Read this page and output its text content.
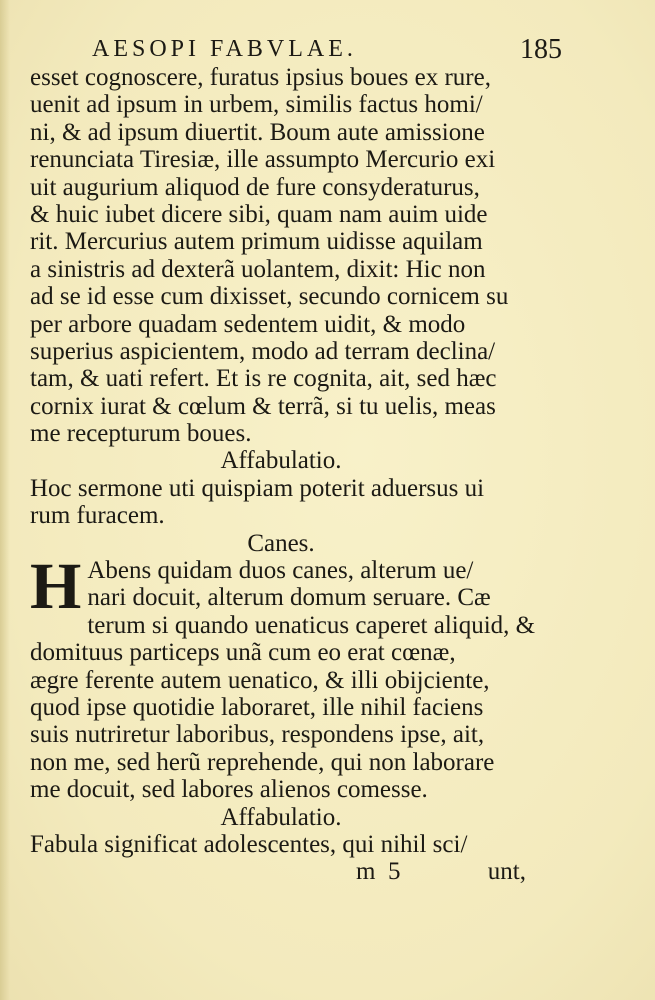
AESOPI FABVLAE.	185
esset cognoscere, furatus ipsius boues ex rure,
uenit ad ipsum in urbem, similis factus homi/
ni, & ad ipsum diuertit. Boum aute amissione
renunciata Tiresiæ, ille assumpto Mercurio exi
uit augurium aliquod de fure consyderaturus,
& huic iubet dicere sibi, quam nam auim uide
rit. Mercurius autem primum uidisse aquilam
a sinistris ad dexterã uolantem, dixit: Hic non
ad se id esse cum dixisset, secundo cornicem su
per arbore quadam sedentem uidit, & modo
superius aspicientem, modo ad terram declina/
tam, & uati refert. Et is re cognita, ait, sed hæc
cornix iurat & cœlum & terrã, si tu uelis, meas
me recepturum boues.
Affabulatio.
Hoc sermone uti quispiam poterit aduersus ui
rum furacem.
Canes.
H Abens quidam duos canes, alterum ue/
nari docuit, alterum domum seruare. Cæ
terum si quando uenaticus caperet aliquid, &
domituus particeps unã cum eo erat cœnæ,
ægre ferente autem uenatico, & illi obijciente,
quod ipse quotidie laboraret, ille nihil faciens
suis nutriretur laboribus, respondens ipse, ait,
non me, sed herũ reprehende, qui non laborare
me docuit, sed labores alienos comesse.
Affabulatio.
Fabula significat adolescentes, qui nihil sci/
m  5	unt,
